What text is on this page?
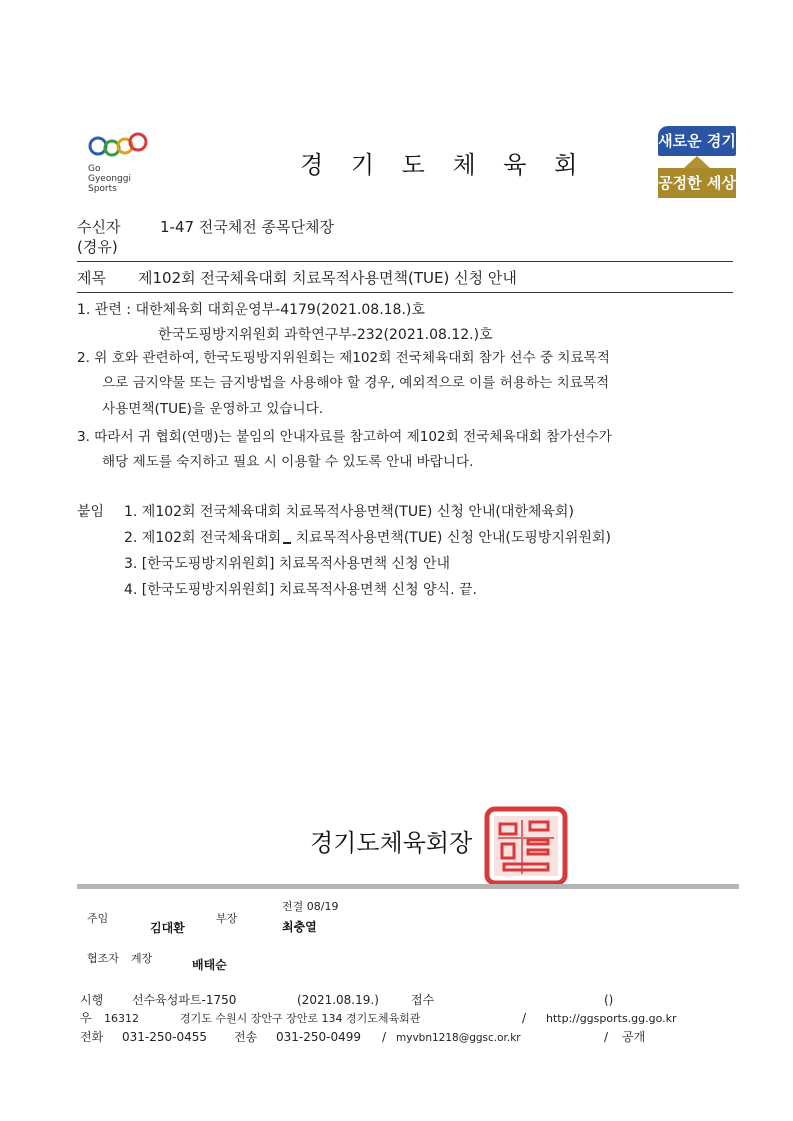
Go
Gyeonggi
Sports
경 기 도 체 육 회
새로운 경기
공정한 세상
수신자	1-47 전국체전 종목단체장
(경유)
제목 제102회 전국체육대회 치료목적사용면책(TUE) 신청 안내
1. 관련 : 대한체육회 대회운영부-4179(2021.08.18.)호
한국도핑방지위원회 과학연구부-232(2021.08.12.)호
2. 위 호와 관련하여, 한국도핑방지위원회는 제102회 전국체육대회 참가 선수 중 치료목적
으로 금지약물 또는 금지방법을 사용해야 할 경우, 예외적으로 이를 허용하는 치료목적
사용면책(TUE)을 운영하고 있습니다.
3. 따라서 귀 협회(연맹)는 붙임의 안내자료를 참고하여 제102회 전국체육대회 참가선수가
해당 제도를 숙지하고 필요 시 이용할 수 있도록 안내 바랍니다.
붙임 1. 제102회 전국체육대회 치료목적사용면책(TUE) 신청 안내(대한체육회)
2. 제102회 전국체육대회 치료목적사용면책(TUE) 신청 안내(도핑방지위원회)
3. [한국도핑방지위원회] 치료목적사용면책 신청 안내
4. [한국도핑방지위원회] 치료목적사용면책 신청 양식. 끝.
경기도체육회장
전결 08/19
주임
김대환
부장
최충열
협조자 계장	배태순
시행 선수육성파트-1750	(2021.08.19.)	접수	()
우 16312	경기도 수원시 장안구 장안로 134 경기도체육회관	/ http://ggsports.gg.go.kr
전화 031-250-0455 전송 031-250-0499 / myvbn1218@ggsc.or.kr	/ 공개
